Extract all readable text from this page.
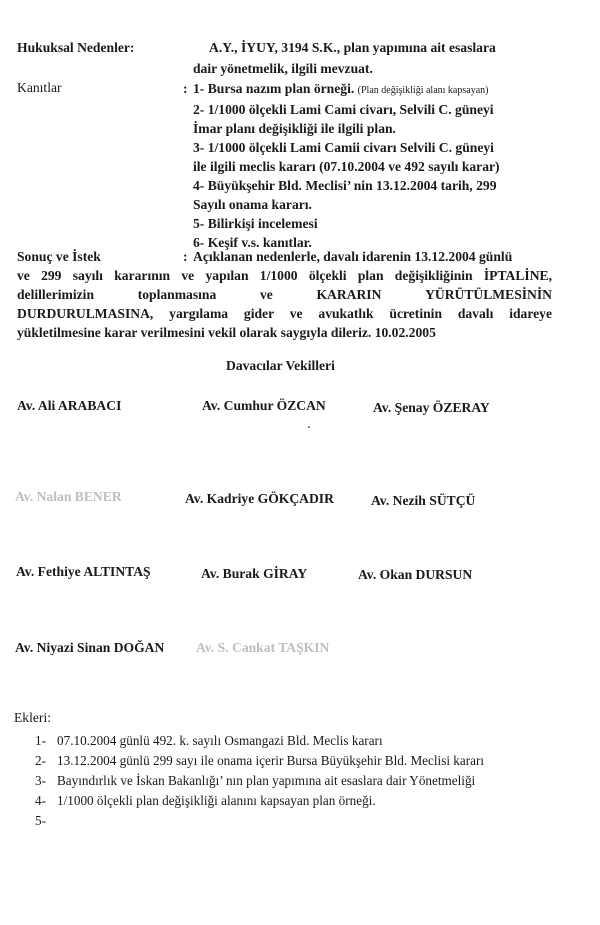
Hukuksal Nedenler:	A.Y., İYUY, 3194 S.K., plan yapımına ait esaslara
dair yönetmelik, ilgili mevzuat.
Kanıtlar	: 1- Bursa nazım plan örneği. (Plan değişikliği alanı kapsayan)
2- 1/1000 ölçekli Lami Cami civarı, Selvili C. güneyi
İmar planı değişikliği ile ilgili plan.
3- 1/1000 ölçekli Lami Camii civarı Selvili C. güneyi
ile ilgili meclis kararı (07.10.2004 ve 492 sayılı karar)
4- Büyükşehir Bld. Meclisi’ nin 13.12.2004 tarih, 299
Sayılı onama kararı.
5- Bilirkişi incelemesi
6- Keşif v.s. kanıtlar.
Sonuç ve İstek	: Açıklanan nedenlerle, davalı idarenin 13.12.2004 günlü
ve 299 sayılı kararının ve yapılan 1/1000 ölçekli plan değişikliğinin İPTALİNE,
delillerimizin	toplanmasına	ve	KARARIN	YÜRÜTÜLMESİNİN
DURDURULMASINA, yargılama gider ve avukatlık ücretinin davalı idareye
yükletilmesine karar verilmesini vekil olarak saygıyla dileriz. 10.02.2005
Davacılar Vekilleri
Av. Ali ARABACI	Av. Cumhur ÖZCAN	Av. Şenay ÖZERAY
Av. Nalan BENER	Av. Kadriye GÖKÇADIR	Av. Nezih SÜTÇÜ
Av. Fethiye ALTINTAŞ	Av. Burak GİRAY	Av. Okan DURSUN
Av. Niyazi Sinan DOĞAN Av. S. Cankat TAŞKIN
Ekleri:
1- 07.10.2004 günlü 492. k. sayılı Osmangazi Bld. Meclis kararı
2- 13.12.2004 günlü 299 sayı ile onama içerir Bursa Büyükşehir Bld. Meclisi kararı
3- Bayındırlık ve İskan Bakanlığı’ nın plan yapımına ait esaslara dair Yönetmeliği
4- 1/1000 ölçekli plan değişikliği alanını kapsayan plan örneği.
5-
